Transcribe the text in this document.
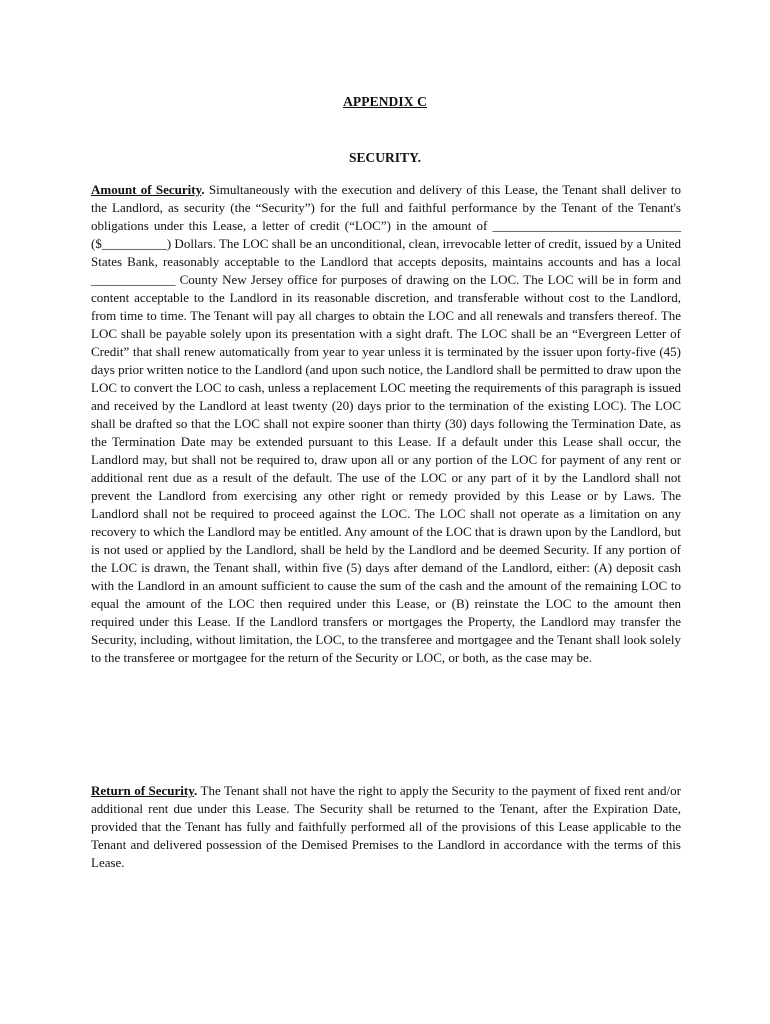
APPENDIX C
SECURITY.

Amount of Security. Simultaneously with the execution and delivery of this Lease, the Tenant shall deliver to the Landlord, as security (the “Security”) for the full and faithful performance by the Tenant of the Tenant's obligations under this Lease, a letter of credit (“LOC”) in the amount of _____________________________ ($__________) Dollars. The LOC shall be an unconditional, clean, irrevocable letter of credit, issued by a United States Bank, reasonably acceptable to the Landlord that accepts deposits, maintains accounts and has a local _____________ County New Jersey office for purposes of drawing on the LOC. The LOC will be in form and content acceptable to the Landlord in its reasonable discretion, and transferable without cost to the Landlord, from time to time. The Tenant will pay all charges to obtain the LOC and all renewals and transfers thereof. The LOC shall be payable solely upon its presentation with a sight draft. The LOC shall be an “Evergreen Letter of Credit” that shall renew automatically from year to year unless it is terminated by the issuer upon forty-five (45) days prior written notice to the Landlord (and upon such notice, the Landlord shall be permitted to draw upon the LOC to convert the LOC to cash, unless a replacement LOC meeting the requirements of this paragraph is issued and received by the Landlord at least twenty (20) days prior to the termination of the existing LOC). The LOC shall be drafted so that the LOC shall not expire sooner than thirty (30) days following the Termination Date, as the Termination Date may be extended pursuant to this Lease. If a default under this Lease shall occur, the Landlord may, but shall not be required to, draw upon all or any portion of the LOC for payment of any rent or additional rent due as a result of the default. The use of the LOC or any part of it by the Landlord shall not prevent the Landlord from exercising any other right or remedy provided by this Lease or by Laws. The Landlord shall not be required to proceed against the LOC. The LOC shall not operate as a limitation on any recovery to which the Landlord may be entitled. Any amount of the LOC that is drawn upon by the Landlord, but is not used or applied by the Landlord, shall be held by the Landlord and be deemed Security. If any portion of the LOC is drawn, the Tenant shall, within five (5) days after demand of the Landlord, either: (A) deposit cash with the Landlord in an amount sufficient to cause the sum of the cash and the amount of the remaining LOC to equal the amount of the LOC then required under this Lease, or (B) reinstate the LOC to the amount then required under this Lease. If the Landlord transfers or mortgages the Property, the Landlord may transfer the Security, including, without limitation, the LOC, to the transferee and mortgagee and the Tenant shall look solely to the transferee or mortgagee for the return of the Security or LOC, or both, as the case may be.

Return of Security. The Tenant shall not have the right to apply the Security to the payment of fixed rent and/or additional rent due under this Lease. The Security shall be returned to the Tenant, after the Expiration Date, provided that the Tenant has fully and faithfully performed all of the provisions of this Lease applicable to the Tenant and delivered possession of the Demised Premises to the Landlord in accordance with the terms of this Lease.
